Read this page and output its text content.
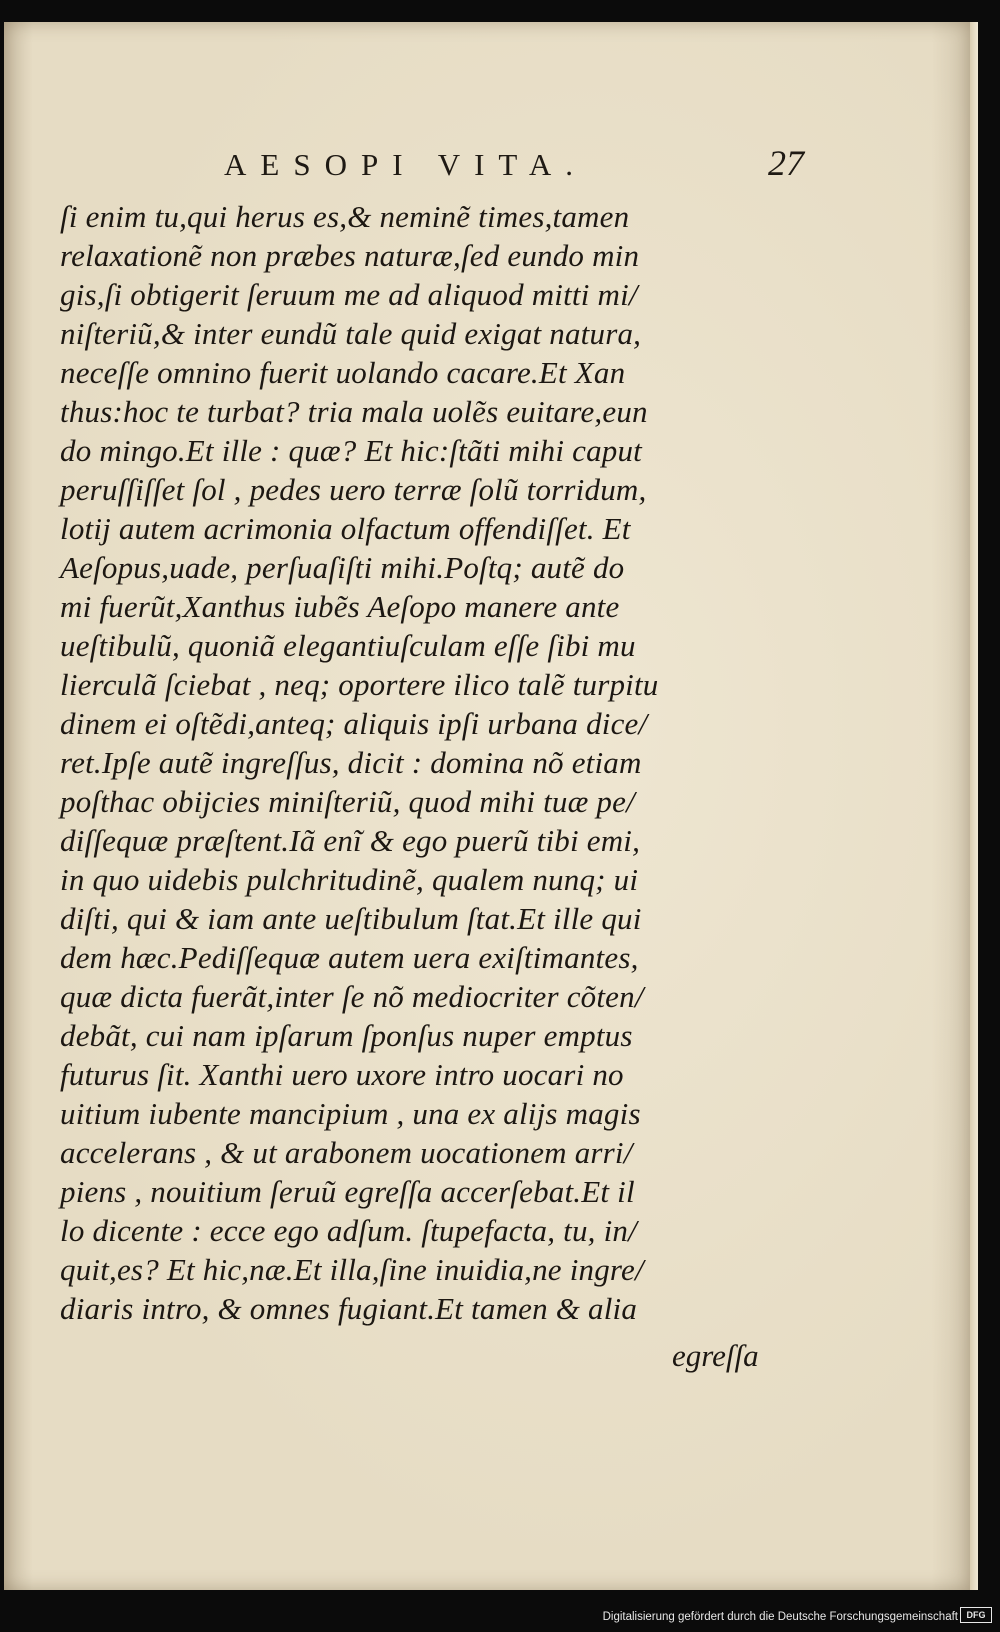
AESOPI VITA.	27
ſi enim tu,qui herus es,& neminẽ times,tamen
relaxationẽ non præbes naturæ,ſed eundo min
gis,ſi obtigerit ſeruum me ad aliquod mitti mi/
niſteriũ,& inter eundũ tale quid exigat natura,
neceſſe omnino fuerit uolando cacare.Et Xan
thus:hoc te turbat? tria mala uolẽs euitare,eun
do mingo.Et ille : quæ? Et hic:ſtãti mihi caput
peruſſiſſet ſol , pedes uero terræ ſolũ torridum,
lotij autem acrimonia olfactum offendiſſet. Et
Aeſopus,uade, perſuaſiſti mihi.Poſtq; autẽ do
mi fuerũt,Xanthus iubẽs Aeſopo manere ante
ueſtibulũ, quoniã elegantiuſculam eſſe ſibi mu
lierculã ſciebat , neq; oportere ilico talẽ turpitu
dinem ei oſtẽdi,anteq; aliquis ipſi urbana dice/
ret.Ipſe autẽ ingreſſus, dicit : domina nõ etiam
poſthac obijcies miniſteriũ, quod mihi tuæ pe/
diſſequæ præſtent.Iã enĩ & ego puerũ tibi emi,
in quo uidebis pulchritudinẽ, qualem nunq; ui
diſti, qui & iam ante ueſtibulum ſtat.Et ille qui
dem hæc.Pediſſequæ autem uera exiſtimantes,
quæ dicta fuerãt,inter ſe nõ mediocriter cõten/
debãt, cui nam ipſarum ſponſus nuper emptus
futurus ſit. Xanthi uero uxore intro uocari no
uitium iubente mancipium , una ex alijs magis
accelerans , & ut arabonem uocationem arri/
piens , nouitium ſeruũ egreſſa accerſebat.Et il
lo dicente : ecce ego adſum. ſtupefacta, tu, in/
quit,es? Et hic,næ.Et illa,ſine inuidia,ne ingre/
diaris intro, & omnes fugiant.Et tamen & alia
egreſſa
Digitalisierung gefördert durch die Deutsche Forschungsgemeinschaft DFG
